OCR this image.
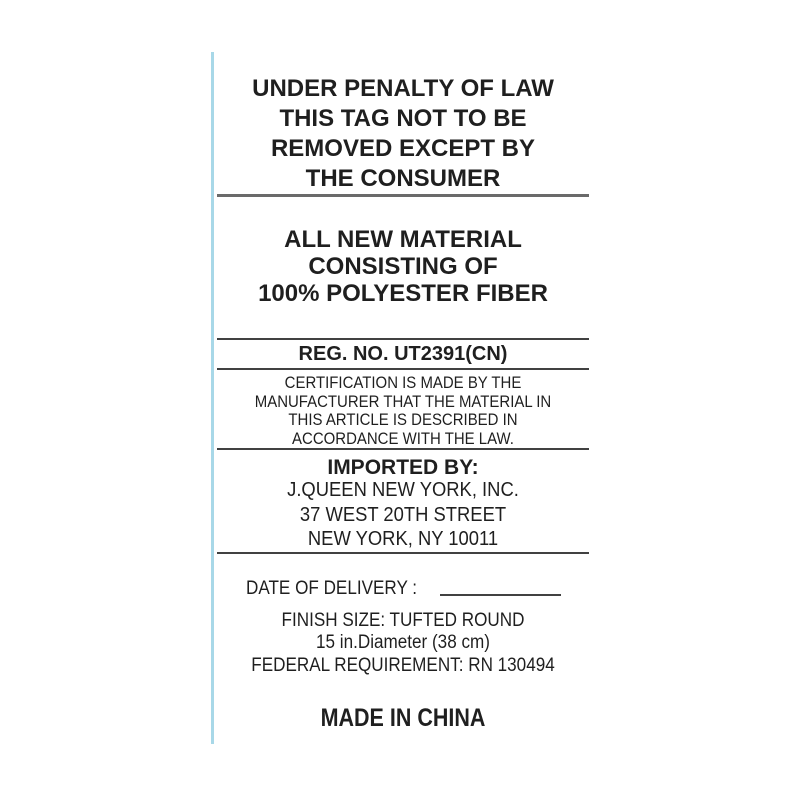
UNDER PENALTY OF LAW
THIS TAG NOT TO BE
REMOVED EXCEPT BY
THE CONSUMER
ALL NEW MATERIAL
CONSISTING OF
100% POLYESTER FIBER
REG. NO. UT2391(CN)
CERTIFICATION IS MADE BY THE
MANUFACTURER THAT THE MATERIAL IN
THIS ARTICLE IS DESCRIBED IN
ACCORDANCE WITH THE LAW.
IMPORTED BY:
J.QUEEN NEW YORK, INC.
37 WEST 20TH STREET
NEW YORK, NY 10011
DATE OF DELIVERY :
FINISH SIZE: TUFTED ROUND
15 in.Diameter (38 cm)
FEDERAL REQUIREMENT: RN 130494
MADE IN CHINA
